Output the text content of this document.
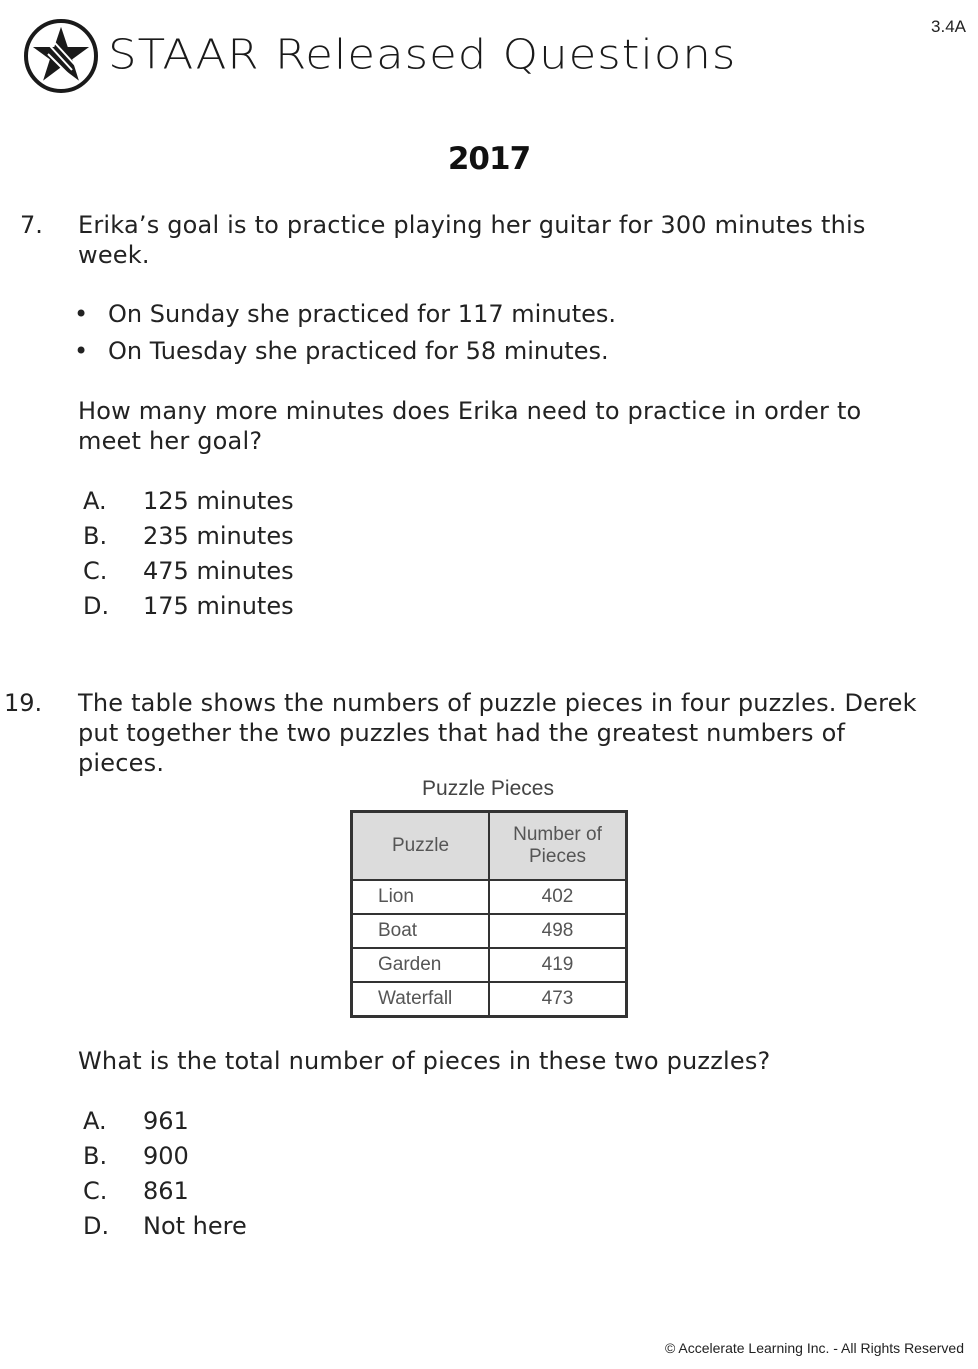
STAAR Released Questions
3.4A
2017
7. Erika’s goal is to practice playing her guitar for 300 minutes this
week.
• On Sunday she practiced for 117 minutes.
• On Tuesday she practiced for 58 minutes.
How many more minutes does Erika need to practice in order to
meet her goal?
A.	125 minutes
B.	235 minutes
C.	475 minutes
D.	175 minutes
19. The table shows the numbers of puzzle pieces in four puzzles. Derek
put together the two puzzles that had the greatest numbers of
pieces.
Puzzle Pieces
Puzzle	Number of
Pieces

Lion	402
Boat	498
Garden	419
Waterfall	473
What is the total number of pieces in these two puzzles?
A.	961
B.	900
C.	861
D.	Not here
© Accelerate Learning Inc. - All Rights Reserved
